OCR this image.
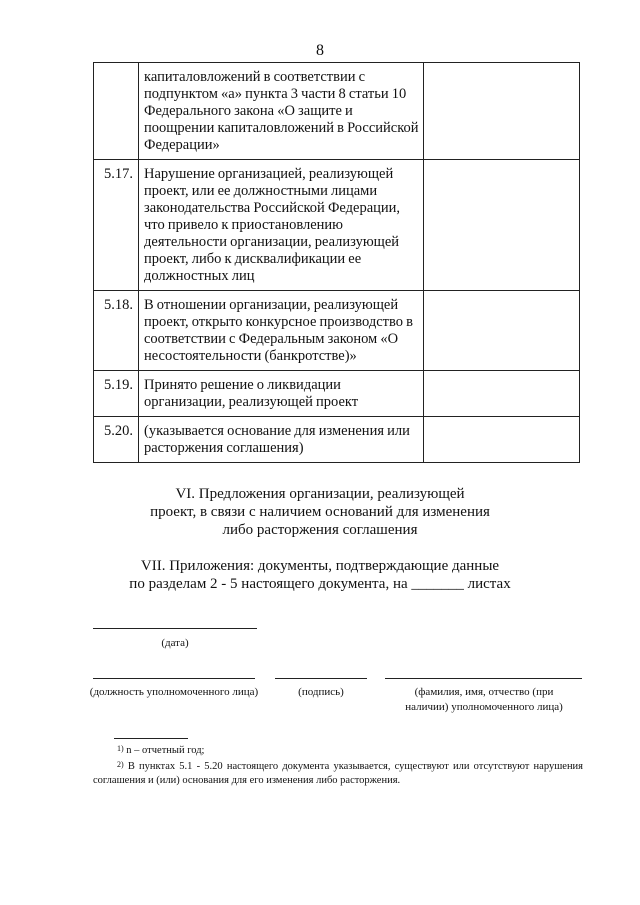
8
	капиталовложений в соответствии с подпунктом «а» пункта 3 части 8 статьи 10 Федерального закона «О защите и поощрении капиталовложений в Российской Федерации»	
5.17.	Нарушение организацией, реализующей проект, или ее должностными лицами законодательства Российской Федерации, что привело к приостановлению деятельности организации, реализующей проект, либо к дисквалификации ее должностных лиц	
5.18.	В отношении организации, реализующей проект, открыто конкурсное производство в соответствии с Федеральным законом «О несостоятельности (банкротстве)»	
5.19.	Принято решение о ликвидации организации, реализующей проект	
5.20.	(указывается основание для изменения или расторжения соглашения)	
VI. Предложения организации, реализующей
проект, в связи с наличием оснований для изменения
либо расторжения соглашения
VII. Приложения: документы, подтверждающие данные
по разделам 2 - 5 настоящего документа, на _______ листах
(дата)
(должность уполномоченного лица)	(подпись)	(фамилия, имя, отчество (при наличии) уполномоченного лица)
$^{1)}$ n – отчетный год;
$^{2)}$ В пунктах 5.1 - 5.20 настоящего документа указывается, существуют или отсутствуют нарушения соглашения и (или) основания для его изменения либо расторжения.
